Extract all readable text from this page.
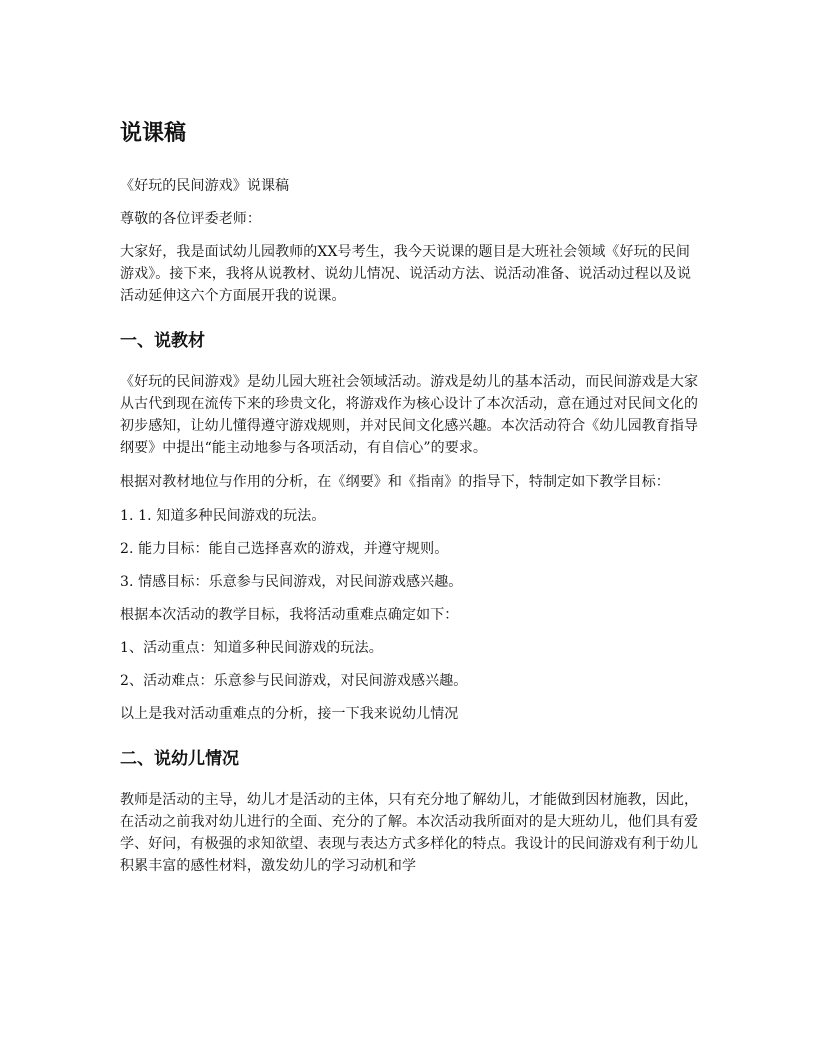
说课稿

《好玩的民间游戏》说课稿

尊敬的各位评委老师：

大家好，我是面试幼儿园教师的XX号考生，我今天说课的题目是大班社会领域《好玩的民间游戏》。接下来，我将从说教材、说幼儿情况、说活动方法、说活动准备、说活动过程以及说活动延伸这六个方面展开我的说课。

一、说教材

《好玩的民间游戏》是幼儿园大班社会领域活动。游戏是幼儿的基本活动，而民间游戏是大家从古代到现在流传下来的珍贵文化，将游戏作为核心设计了本次活动，意在通过对民间文化的初步感知，让幼儿懂得遵守游戏规则，并对民间文化感兴趣。本次活动符合《幼儿园教育指导纲要》中提出“能主动地参与各项活动，有自信心”的要求。

根据对教材地位与作用的分析，在《纲要》和《指南》的指导下，特制定如下教学目标：

1. 1. 知道多种民间游戏的玩法。

2. 能力目标：能自己选择喜欢的游戏，并遵守规则。

3. 情感目标：乐意参与民间游戏，对民间游戏感兴趣。

根据本次活动的教学目标，我将活动重难点确定如下：

1、活动重点：知道多种民间游戏的玩法。

2、活动难点：乐意参与民间游戏，对民间游戏感兴趣。

以上是我对活动重难点的分析，接一下我来说幼儿情况

二、说幼儿情况

教师是活动的主导，幼儿才是活动的主体，只有充分地了解幼儿，才能做到因材施教，因此，在活动之前我对幼儿进行的全面、充分的了解。本次活动我所面对的是大班幼儿，他们具有爱学、好问，有极强的求知欲望、表现与表达方式多样化的特点。我设计的民间游戏有利于幼儿积累丰富的感性材料，激发幼儿的学习动机和学
